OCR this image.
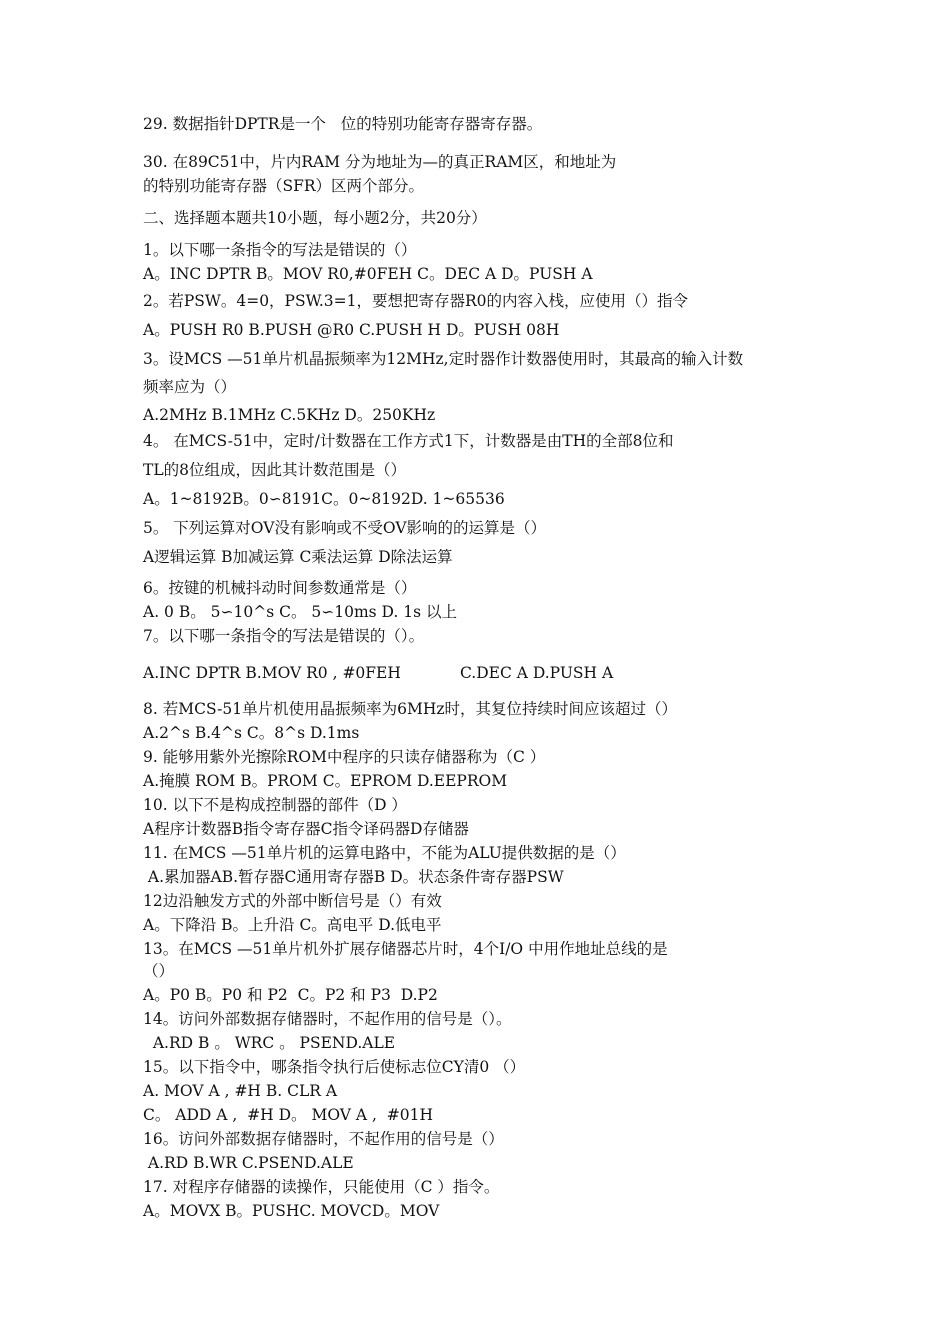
29. 数据指针DPTR是一个   位的特别功能寄存器寄存器。
30. 在89C51中，片内RAM 分为地址为—的真正RAM区，和地址为
的特别功能寄存器（SFR）区两个部分。
二、选择题本题共10小题，每小题2分，共20分）
1。以下哪一条指令的写法是错误的（）
A。INC DPTR B。MOV R0,#0FEH C。DEC A D。PUSH A
2。若PSW。4=0，PSW.3=1，要想把寄存器R0的内容入栈，应使用（）指令
A。PUSH R0 B.PUSH @R0 C.PUSH H D。PUSH 08H
3。设MCS —51单片机晶振频率为12MHz,定时器作计数器使用时，其最高的输入计数
频率应为（）
A.2MHz B.1MHz C.5KHz D。250KHz
4。 在MCS-51中，定时/计数器在工作方式1下，计数器是由TH的全部8位和
TL的8位组成，因此其计数范围是（）
A。1~8192B。0∽8191C。0~8192D. 1~65536
5。 下列运算对OV没有影响或不受OV影响的的运算是（）
A逻辑运算 B加减运算 C乘法运算 D除法运算
6。按键的机械抖动时间参数通常是（）
A. 0 B。 5∽10^s C。 5∽10ms D. 1s 以上
7。以下哪一条指令的写法是错误的（）。
A.INC DPTR B.MOV R0 , #0FEH            C.DEC A D.PUSH A
8. 若MCS-51单片机使用晶振频率为6MHz时，其复位持续时间应该超过（）
A.2^s B.4^s C。8^s D.1ms
9. 能够用紫外光擦除ROM中程序的只读存储器称为（C ）
A.掩膜 ROM B。PROM C。EPROM D.EEPROM
10. 以下不是构成控制器的部件（D ）
A程序计数器B指令寄存器C指令译码器D存储器
11. 在MCS —51单片机的运算电路中，不能为ALU提供数据的是（）
A.累加器AB.暂存器C通用寄存器B D。状态条件寄存器PSW
12边沿触发方式的外部中断信号是（）有效
A。下降沿 B。上升沿 C。高电平 D.低电平
13。在MCS —51单片机外扩展存储器芯片时，4个I/O 中用作地址总线的是
（）
A。P0 B。P0 和 P2  C。P2 和 P3  D.P2
14。访问外部数据存储器时，不起作用的信号是（）。
A.RD B 。 WRC 。 PSEND.ALE
15。以下指令中，哪条指令执行后使标志位CY清0 （）
A. MOV A , #H B. CLR A
C。 ADD A ,  #H D。 MOV A ,  #01H
16。访问外部数据存储器时，不起作用的信号是（）
A.RD B.WR C.PSEND.ALE
17. 对程序存储器的读操作，只能使用（C ）指令。
A。MOVX B。PUSHC. MOVCD。MOV
